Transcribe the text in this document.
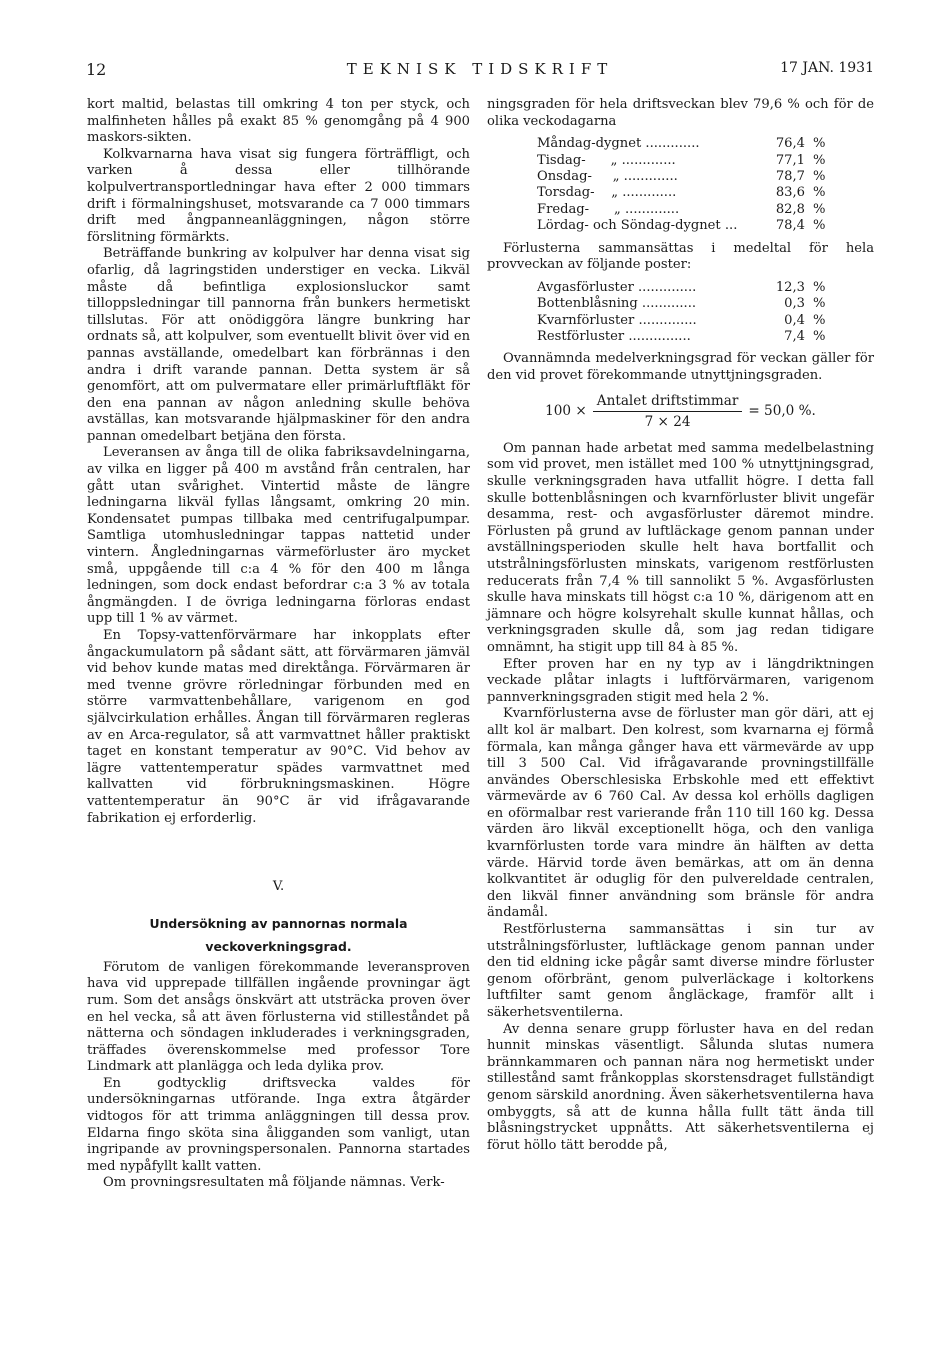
12	TEKNISK TIDSKRIFT	17 JAN. 1931

kort maltid, belastas till omkring 4 ton per styck, och malfinheten hålles på exakt 85 % genomgång på 4 900 maskors-sikten.

Kolkvarnarna hava visat sig fungera förträffligt, och varken å dessa eller tillhörande kolpulvertransportledningar hava efter 2 000 timmars drift i förmalningshuset, motsvarande ca 7 000 timmars drift med ångpanneanläggningen, någon större förslitning förmärkts.

Beträffande bunkring av kolpulver har denna visat sig ofarlig, då lagringstiden understiger en vecka. Likväl måste då befintliga explosionsluckor samt tilloppsledningar till pannorna från bunkers hermetiskt tillslutas. För att onödiggöra längre bunkring har ordnats så, att kolpulver, som eventuellt blivit över vid en pannas avställande, omedelbart kan förbrännas i den andra i drift varande pannan. Detta system är så genomfört, att om pulvermatare eller primärluftfläkt för den ena pannan av någon anledning skulle behöva avställas, kan motsvarande hjälpmaskiner för den andra pannan omedelbart betjäna den första.

Leveransen av ånga till de olika fabriksavdelningarna, av vilka en ligger på 400 m avstånd från centralen, har gått utan svårighet. Vintertid måste de längre ledningarna likväl fyllas långsamt, omkring 20 min. Kondensatet pumpas tillbaka med centrifugalpumpar. Samtliga utomhusledningar tappas nattetid under vintern. Ångledningarnas värmeförluster äro mycket små, uppgående till c:a 4 % för den 400 m långa ledningen, som dock endast befordrar c:a 3 % av totala ångmängden. I de övriga ledningarna förloras endast upp till 1 % av värmet.

En Topsy-vattenförvärmare har inkopplats efter ångackumulatorn på sådant sätt, att förvärmaren jämväl vid behov kunde matas med direktånga. Förvärmaren är med tvenne grövre rörledningar förbunden med en större varmvattenbehållare, varigenom en god självcirkulation erhålles. Ångan till förvärmaren regleras av en Arca-regulator, så att varmvattnet håller praktiskt taget en konstant temperatur av 90°C. Vid behov av lägre vattentemperatur spädes varmvattnet med kallvatten vid förbrukningsmaskinen. Högre vattentemperatur än 90°C är vid ifrågavarande fabrikation ej erforderlig.

V.
Undersökning av pannornas normala veckoverkningsgrad.

Förutom de vanligen förekommande leveransproven hava vid upprepade tillfällen ingående provningar ägt rum. Som det ansågs önskvärt att utsträcka proven över en hel vecka, så att även förlusterna vid stilleståndet på nätterna och söndagen inkluderades i verkningsgraden, träffades överenskommelse med professor Tore Lindmark att planlägga och leda dylika prov.

En godtycklig driftsvecka valdes för undersökningarnas utförande. Inga extra åtgärder vidtogos för att trimma anläggningen till dessa prov. Eldarna fingo sköta sina åligganden som vanligt, utan ingripande av provningspersonalen. Pannorna startades med nypåfyllt kallt vatten.

Om provningsresultaten må följande nämnas. Verk-

ningsgraden för hela driftsveckan blev 79,6 % och för de olika veckodagarna

Måndag-dygnet .............	76,4	%
Tisdag-      „ .............	77,1	%
Onsdag-     „ .............	78,7	%
Torsdag-    „ .............	83,6	%
Fredag-      „ .............	82,8	%
Lördag- och Söndag-dygnet ...	78,4	%

Förlusterna sammansättas i medeltal för hela provveckan av följande poster:

Avgasförluster ..............	12,3	%
Bottenblåsning .............	0,3	%
Kvarnförluster ..............	0,4	%
Restförluster ...............	7,4	%

Ovannämnda medelverkningsgrad för veckan gäller för den vid provet förekommande utnyttjningsgraden.

$100 \times \frac{\text{Antalet driftstimmar}}{7 \times 24} = 50,0$ %.

Om pannan hade arbetat med samma medelbelastning som vid provet, men istället med 100 % utnyttjningsgrad, skulle verkningsgraden hava utfallit högre. I detta fall skulle bottenblåsningen och kvarnförluster blivit ungefär desamma, rest- och avgasförluster däremot mindre. Förlusten på grund av luftläckage genom pannan under avställningsperioden skulle helt hava bortfallit och utstrålningsförlusten minskats, varigenom restförlusten reducerats från 7,4 % till sannolikt 5 %. Avgasförlusten skulle hava minskats till högst c:a 10 %, därigenom att en jämnare och högre kolsyrehalt skulle kunnat hållas, och verkningsgraden skulle då, som jag redan tidigare omnämnt, ha stigit upp till 84 à 85 %.

Efter proven har en ny typ av i längdriktningen veckade plåtar inlagts i luftförvärmaren, varigenom pannverkningsgraden stigit med hela 2 %.

Kvarnförlusterna avse de förluster man gör däri, att ej allt kol är malbart. Den kolrest, som kvarnarna ej förmå förmala, kan många gånger hava ett värmevärde av upp till 3 500 Cal. Vid ifrågavarande provningstillfälle användes Oberschlesiska Erbskohle med ett effektivt värmevärde av 6 760 Cal. Av dessa kol erhölls dagligen en oförmalbar rest varierande från 110 till 160 kg. Dessa värden äro likväl exceptionellt höga, och den vanliga kvarnförlusten torde vara mindre än hälften av detta värde. Härvid torde även bemärkas, att om än denna kolkvantitet är oduglig för den pulvereldade centralen, den likväl finner användning som bränsle för andra ändamål.

Restförlusterna sammansättas i sin tur av utstrålningsförluster, luftläckage genom pannan under den tid eldning icke pågår samt diverse mindre förluster genom oförbränt, genom pulverläckage i koltorkens luftfilter samt genom ångläckage, framför allt i säkerhetsventilerna.

Av denna senare grupp förluster hava en del redan hunnit minskas väsentligt. Sålunda slutas numera brännkammaren och pannan nära nog hermetiskt under stillestånd samt frånkopplas skorstensdraget fullständigt genom särskild anordning. Även säkerhetsventilerna hava ombyggts, så att de kunna hålla fullt tätt ända till blåsningstrycket uppnåtts. Att säkerhetsventilerna ej förut höllo tätt berodde på,
